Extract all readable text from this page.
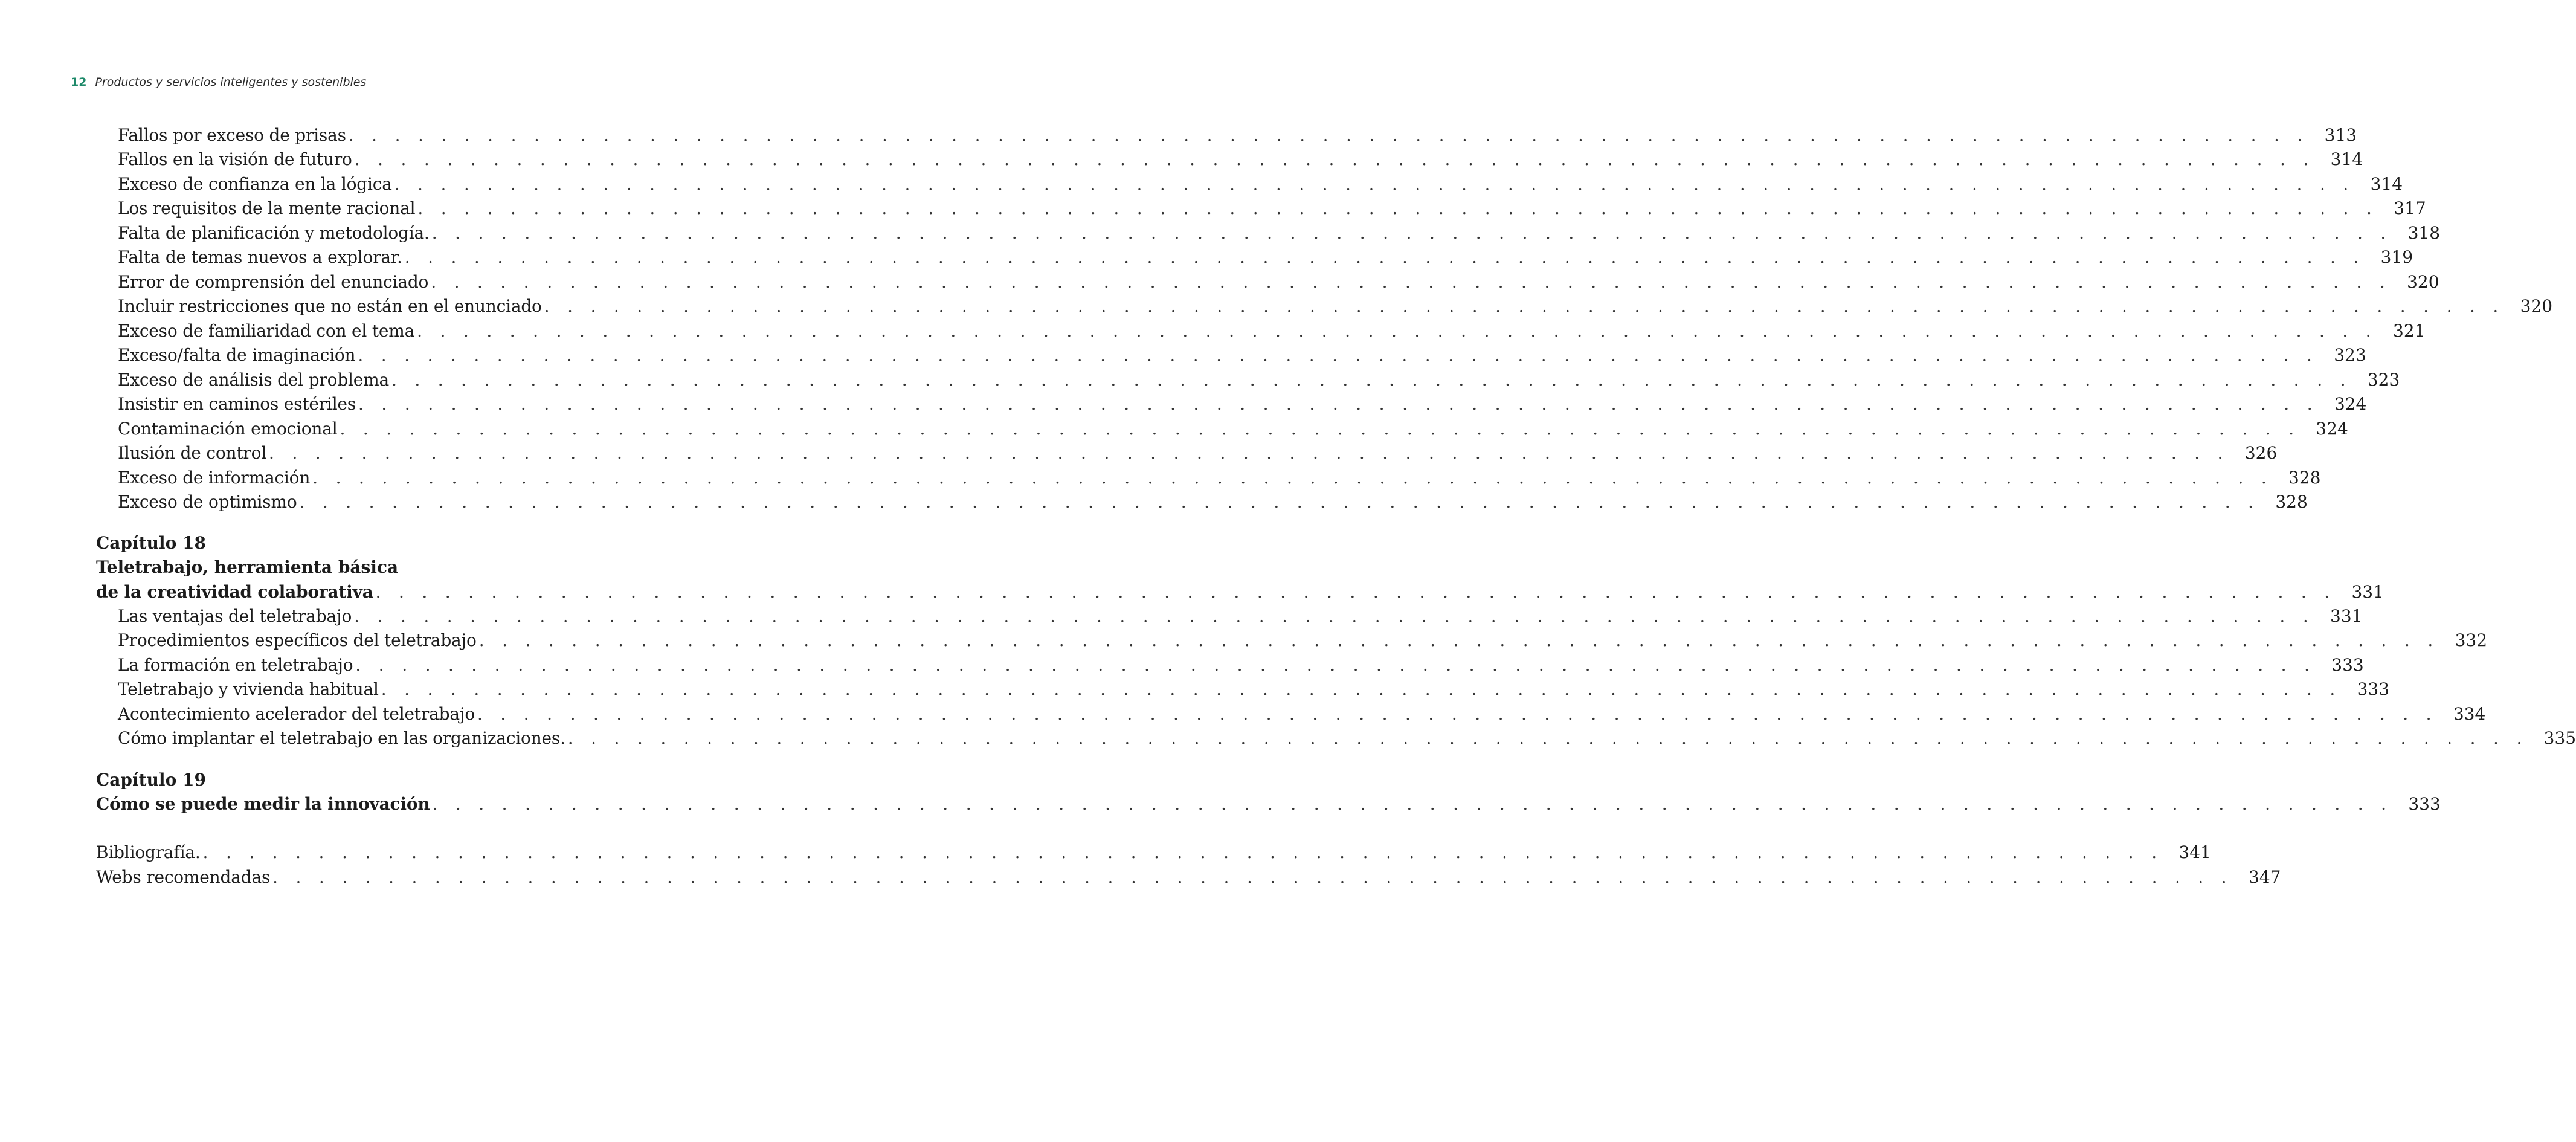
12 Productos y servicios inteligentes y sostenibles
Fallos por exceso de prisas . . . . . . . . . . . . . . . . . . . . . . . . . . . . . . . . . . . . . . . . . . . . . . . . . . . . . . . . . . . . . . . . . . . . . . . . . . . . . . . . . . . . . 313
Fallos en la visión de futuro . . . . . . . . . . . . . . . . . . . . . . . . . . . . . . . . . . . . . . . . . . . . . . . . . . . . . . . . . . . . . . . . . . . . . . . . . . . . . . . . . . . . . 314
Exceso de confianza en la lógica . . . . . . . . . . . . . . . . . . . . . . . . . . . . . . . . . . . . . . . . . . . . . . . . . . . . . . . . . . . . . . . . . . . . . . . . . . . . . . . . . . . . . 314
Los requisitos de la mente racional . . . . . . . . . . . . . . . . . . . . . . . . . . . . . . . . . . . . . . . . . . . . . . . . . . . . . . . . . . . . . . . . . . . . . . . . . . . . . . . . . . . . . 317
Falta de planificación y metodología. . . . . . . . . . . . . . . . . . . . . . . . . . . . . . . . . . . . . . . . . . . . . . . . . . . . . . . . . . . . . . . . . . . . . . . . . . . . . . . . . . . . . . 318
Falta de temas nuevos a explorar. . . . . . . . . . . . . . . . . . . . . . . . . . . . . . . . . . . . . . . . . . . . . . . . . . . . . . . . . . . . . . . . . . . . . . . . . . . . . . . . . . . . . . 319
Error de comprensión del enunciado . . . . . . . . . . . . . . . . . . . . . . . . . . . . . . . . . . . . . . . . . . . . . . . . . . . . . . . . . . . . . . . . . . . . . . . . . . . . . . . . . . . . . 320
Incluir restricciones que no están en el enunciado . . . . . . . . . . . . . . . . . . . . . . . . . . . . . . . . . . . . . . . . . . . . . . . . . . . . . . . . . . . . . . . . . . . . . . . . . . . . . . . . . . . . . 320
Exceso de familiaridad con el tema . . . . . . . . . . . . . . . . . . . . . . . . . . . . . . . . . . . . . . . . . . . . . . . . . . . . . . . . . . . . . . . . . . . . . . . . . . . . . . . . . . . . . 321
Exceso/falta de imaginación . . . . . . . . . . . . . . . . . . . . . . . . . . . . . . . . . . . . . . . . . . . . . . . . . . . . . . . . . . . . . . . . . . . . . . . . . . . . . . . . . . . . . 323
Exceso de análisis del problema . . . . . . . . . . . . . . . . . . . . . . . . . . . . . . . . . . . . . . . . . . . . . . . . . . . . . . . . . . . . . . . . . . . . . . . . . . . . . . . . . . . . . 323
Insistir en caminos estériles . . . . . . . . . . . . . . . . . . . . . . . . . . . . . . . . . . . . . . . . . . . . . . . . . . . . . . . . . . . . . . . . . . . . . . . . . . . . . . . . . . . . . 324
Contaminación emocional . . . . . . . . . . . . . . . . . . . . . . . . . . . . . . . . . . . . . . . . . . . . . . . . . . . . . . . . . . . . . . . . . . . . . . . . . . . . . . . . . . . . . 324
Ilusión de control . . . . . . . . . . . . . . . . . . . . . . . . . . . . . . . . . . . . . . . . . . . . . . . . . . . . . . . . . . . . . . . . . . . . . . . . . . . . . . . . . . . . . 326
Exceso de información . . . . . . . . . . . . . . . . . . . . . . . . . . . . . . . . . . . . . . . . . . . . . . . . . . . . . . . . . . . . . . . . . . . . . . . . . . . . . . . . . . . . . 328
Exceso de optimismo . . . . . . . . . . . . . . . . . . . . . . . . . . . . . . . . . . . . . . . . . . . . . . . . . . . . . . . . . . . . . . . . . . . . . . . . . . . . . . . . . . . . . 328
Capítulo 18
Teletrabajo, herramienta básica
de la creatividad colaborativa . . . . . . . . . . . . . . . . . . . . . . . . . . . . . . . . . . . . . . . . . . . . . . . . . . . . . . . . . . . . . . . . . . . . . . . . . . . . . . . . . . . . . 331
Las ventajas del teletrabajo . . . . . . . . . . . . . . . . . . . . . . . . . . . . . . . . . . . . . . . . . . . . . . . . . . . . . . . . . . . . . . . . . . . . . . . . . . . . . . . . . . . . . 331
Procedimientos específicos del teletrabajo . . . . . . . . . . . . . . . . . . . . . . . . . . . . . . . . . . . . . . . . . . . . . . . . . . . . . . . . . . . . . . . . . . . . . . . . . . . . . . . . . . . . . 332
La formación en teletrabajo . . . . . . . . . . . . . . . . . . . . . . . . . . . . . . . . . . . . . . . . . . . . . . . . . . . . . . . . . . . . . . . . . . . . . . . . . . . . . . . . . . . . . 333
Teletrabajo y vivienda habitual . . . . . . . . . . . . . . . . . . . . . . . . . . . . . . . . . . . . . . . . . . . . . . . . . . . . . . . . . . . . . . . . . . . . . . . . . . . . . . . . . . . . . 333
Acontecimiento acelerador del teletrabajo . . . . . . . . . . . . . . . . . . . . . . . . . . . . . . . . . . . . . . . . . . . . . . . . . . . . . . . . . . . . . . . . . . . . . . . . . . . . . . . . . . . . . 334
Cómo implantar el teletrabajo en las organizaciones. . . . . . . . . . . . . . . . . . . . . . . . . . . . . . . . . . . . . . . . . . . . . . . . . . . . . . . . . . . . . . . . . . . . . . . . . . . . . . . . . . . . . . 335
Capítulo 19
Cómo se puede medir la innovación . . . . . . . . . . . . . . . . . . . . . . . . . . . . . . . . . . . . . . . . . . . . . . . . . . . . . . . . . . . . . . . . . . . . . . . . . . . . . . . . . . . . . 333
Bibliografía. . . . . . . . . . . . . . . . . . . . . . . . . . . . . . . . . . . . . . . . . . . . . . . . . . . . . . . . . . . . . . . . . . . . . . . . . . . . . . . . . . . . . . 341
Webs recomendadas . . . . . . . . . . . . . . . . . . . . . . . . . . . . . . . . . . . . . . . . . . . . . . . . . . . . . . . . . . . . . . . . . . . . . . . . . . . . . . . . . . . . . 347
